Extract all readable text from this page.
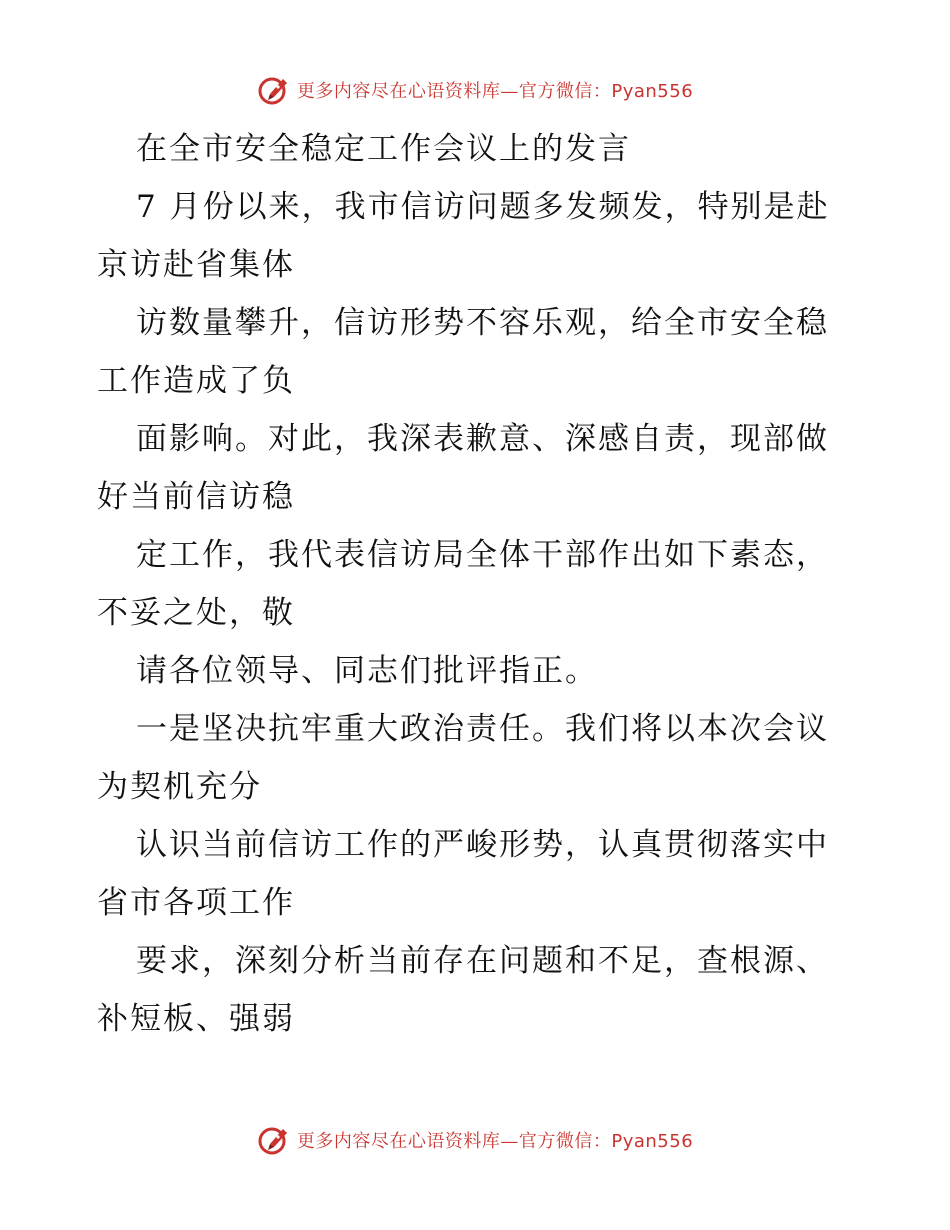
更多内容尽在心语资料库—官方微信：Pyan556
在全市安全稳定工作会议上的发言
7 月份以来，我市信访问题多发频发，特别是赴
京访赴省集体
访数量攀升，信访形势不容乐观，给全市安全稳
工作造成了负
面影响。对此，我深表歉意、深感自责，现部做
好当前信访稳
定工作，我代表信访局全体干部作出如下素态，
不妥之处，敬
请各位领导、同志们批评指正。
一是坚决抗牢重大政治责任。我们将以本次会议
为契机充分
认识当前信访工作的严峻形势，认真贯彻落实中
省市各项工作
要求，深刻分析当前存在问题和不足，查根源、
补短板、强弱
更多内容尽在心语资料库—官方微信：Pyan556
